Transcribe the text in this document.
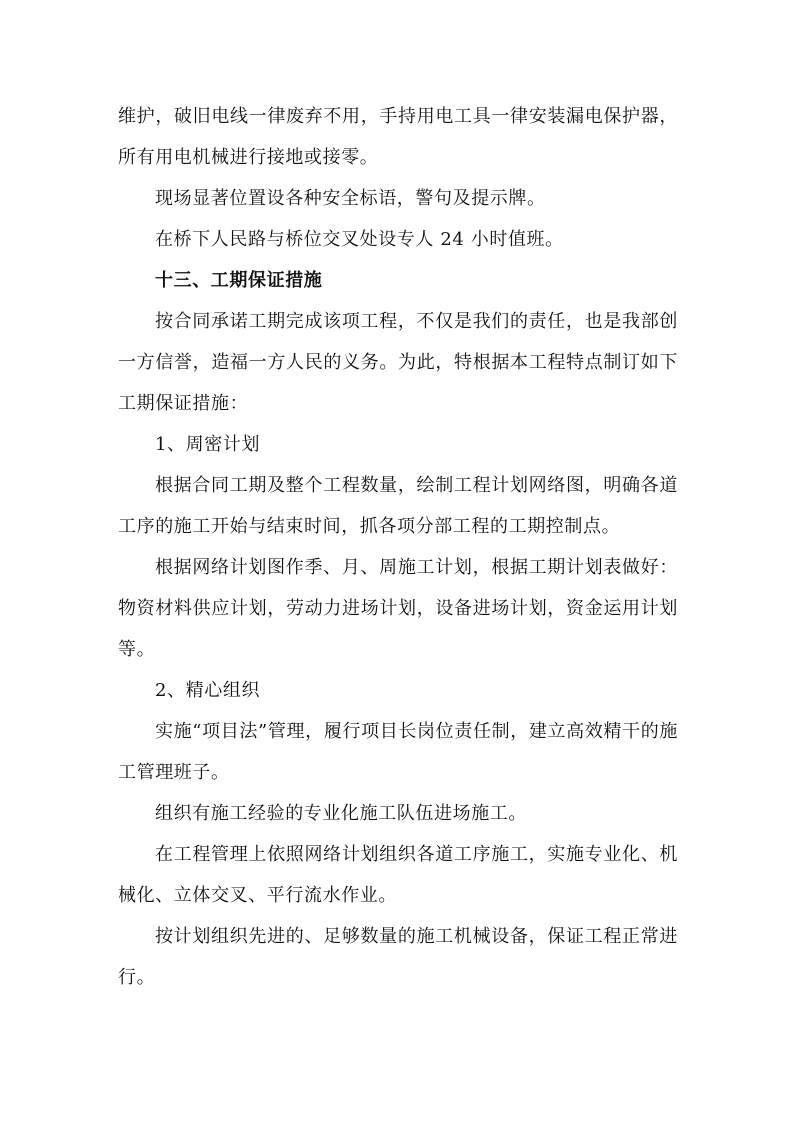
维护，破旧电线一律废弃不用，手持用电工具一律安装漏电保护器，所有用电机械进行接地或接零。

现场显著位置设各种安全标语，警句及提示牌。

在桥下人民路与桥位交叉处设专人 24 小时值班。

十三、工期保证措施

按合同承诺工期完成该项工程，不仅是我们的责任，也是我部创一方信誉，造福一方人民的义务。为此，特根据本工程特点制订如下工期保证措施：

1、周密计划

根据合同工期及整个工程数量，绘制工程计划网络图，明确各道工序的施工开始与结束时间，抓各项分部工程的工期控制点。

根据网络计划图作季、月、周施工计划，根据工期计划表做好：物资材料供应计划，劳动力进场计划，设备进场计划，资金运用计划等。

2、精心组织

实施“项目法”管理，履行项目长岗位责任制，建立高效精干的施工管理班子。

组织有施工经验的专业化施工队伍进场施工。

在工程管理上依照网络计划组织各道工序施工，实施专业化、机械化、立体交叉、平行流水作业。

按计划组织先进的、足够数量的施工机械设备，保证工程正常进行。
